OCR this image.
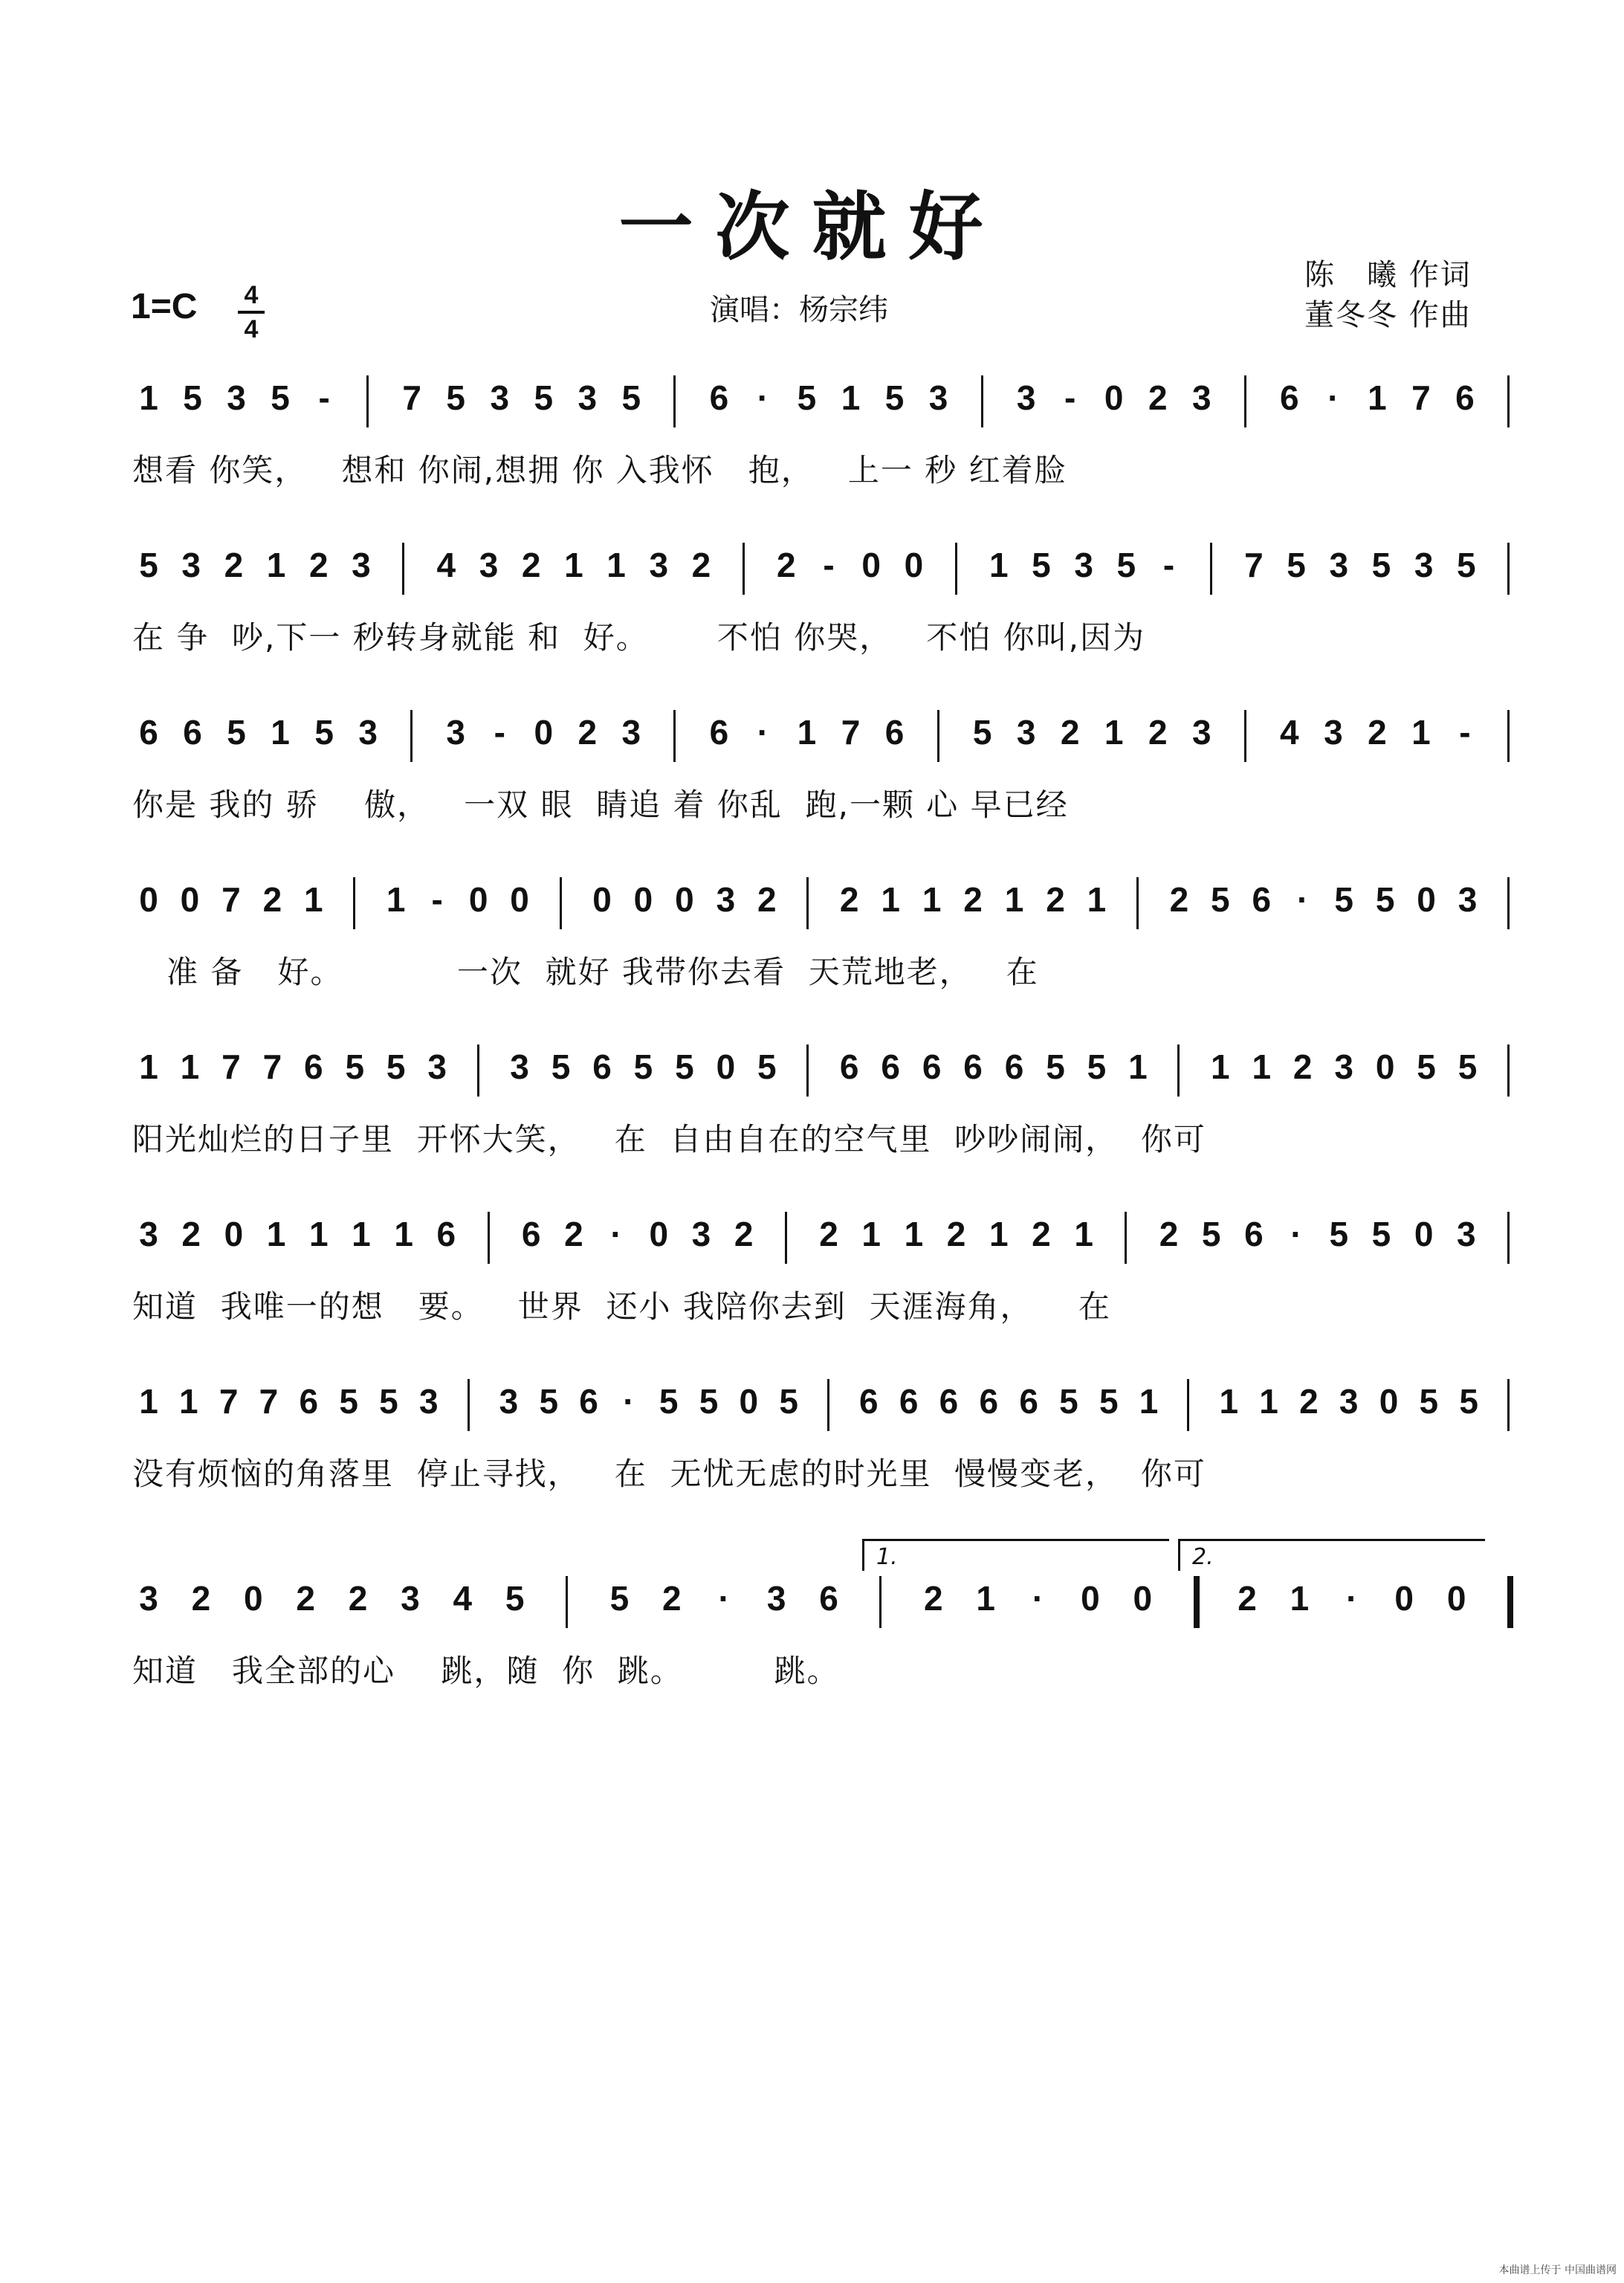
一次就好
1=C 4
4
演唱：杨宗纬
陈　曦 作词
董冬冬 作曲
1 5 3 5 - 7 5 3 5 3 5 6 · 5 1 5 3 3 - 0 2 3 6 · 1 7 6
想看 你笑，   想和 你闹,想拥 你 入我怀   抱，   上一 秒 红着脸
5 3 2 1 2 3 4 3 2 1 1 3 2 2 - 0 0 1 5 3 5 - 7 5 3 5 3 5
在 争  吵,下一 秒转身就能 和  好。      不怕 你哭，   不怕 你叫,因为
6 6 5 1 5 3 3 - 0 2 3 6 · 1 7 6 5 3 2 1 2 3 4 3 2 1 -
你是 我的 骄    傲，   一双 眼  睛追 着 你乱  跑,一颗 心 早已经
0 0 7 2 1 1 - 0 0 0 0 0 3 2 2 1 1 2 1 2 1 2 5 6 · 5 5 0 3
准 备   好。          一次  就好 我带你去看  天荒地老，   在
1 1 7 7 6 5 5 3 3 5 6 5 5 0 5 6 6 6 6 6 5 5 1 1 1 2 3 0 5 5
阳光灿烂的日子里  开怀大笑，   在  自由自在的空气里  吵吵闹闹，  你可
3 2 0 1 1 1 1 6 6 2 · 0 3 2 2 1 1 2 1 2 1 2 5 6 · 5 5 0 3
知道  我唯一的想   要。   世界  还小 我陪你去到  天涯海角，    在
1 1 7 7 6 5 5 3 3 5 6 · 5 5 0 5 6 6 6 6 6 5 5 1 1 1 2 3 0 5 5
没有烦恼的角落里  停止寻找，   在  无忧无虑的时光里  慢慢变老，  你可
3 2 0 2 2 3 4 5	5 2 · 3 6	2 1 · 0 0	2 1 · 0 0
知道   我全部的心    跳，随  你  跳。        跳。
1.	2.
本曲谱上传于 中国曲谱网
